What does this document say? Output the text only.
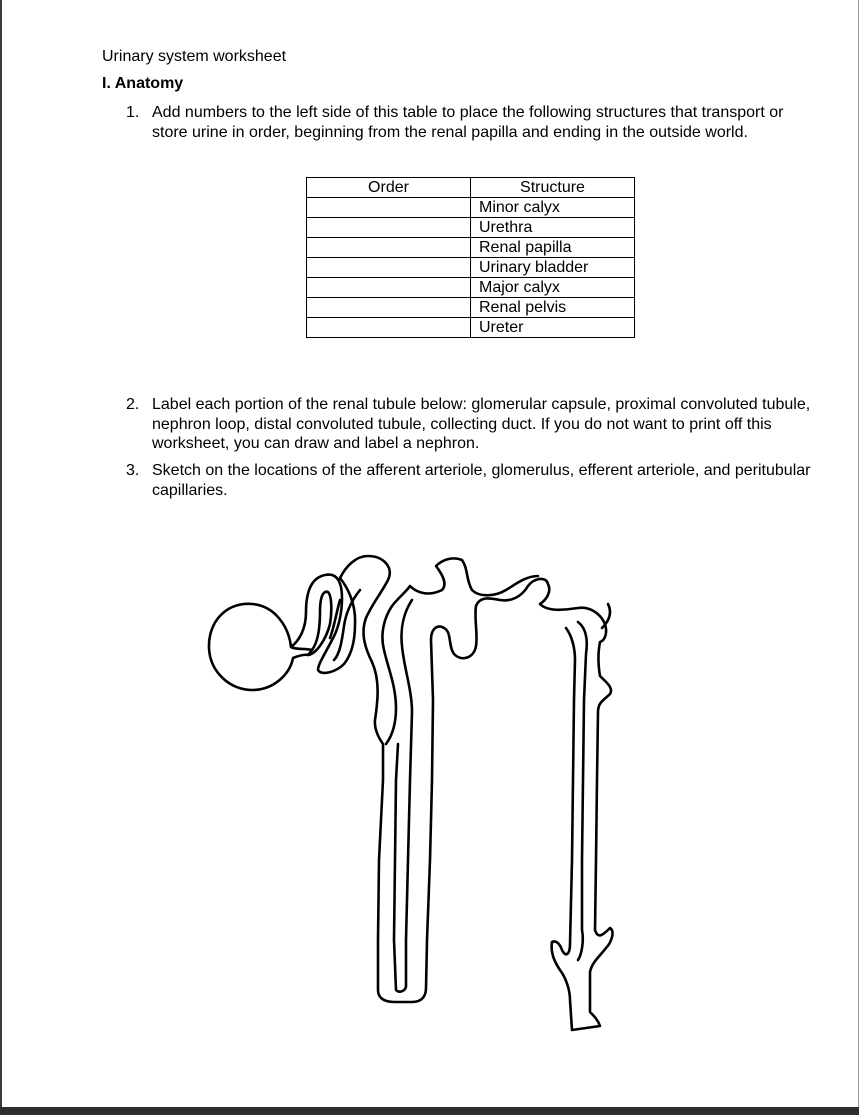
Urinary system worksheet
I. Anatomy
1. Add numbers to the left side of this table to place the following structures that transport or store urine in order, beginning from the renal papilla and ending in the outside world.
Order	Structure
	Minor calyx
	Urethra
	Renal papilla
	Urinary bladder
	Major calyx
	Renal pelvis
	Ureter
2. Label each portion of the renal tubule below: glomerular capsule, proximal convoluted tubule, nephron loop, distal convoluted tubule, collecting duct. If you do not want to print off this worksheet, you can draw and label a nephron.
3. Sketch on the locations of the afferent arteriole, glomerulus, efferent arteriole, and peritubular capillaries.
